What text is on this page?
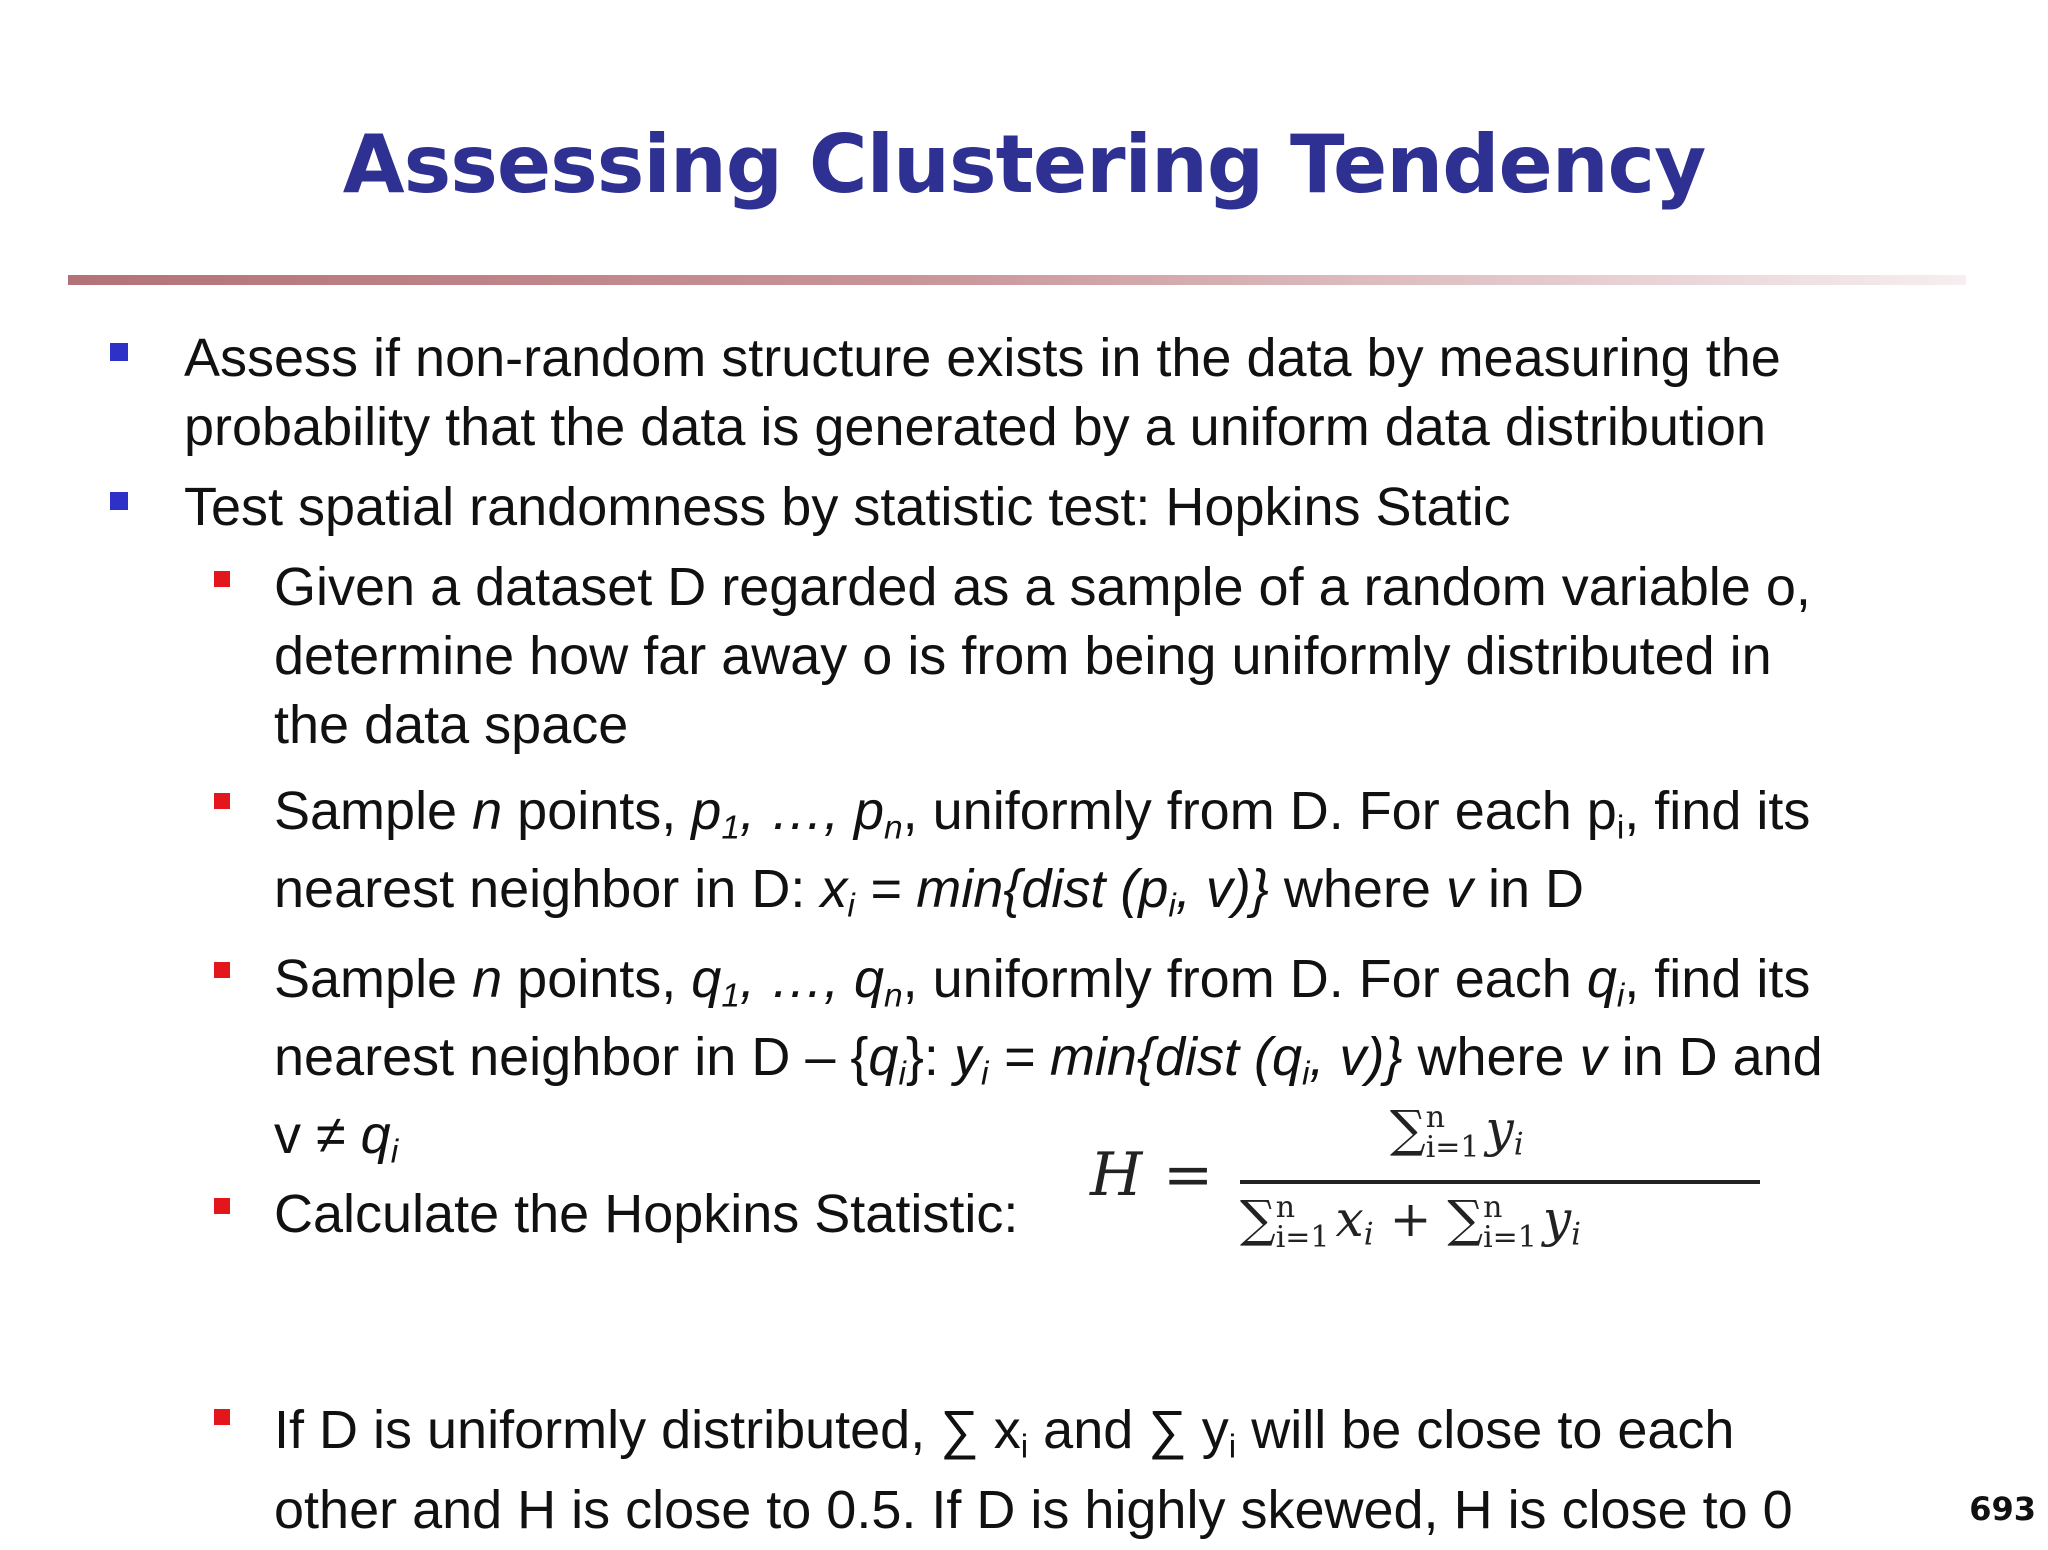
Assessing Clustering Tendency
Assess if non-random structure exists in the data by measuring the
probability that the data is generated by a uniform data distribution
Test spatial randomness by statistic test: Hopkins Static
Given a dataset D regarded as a sample of a random variable o,
determine how far away o is from being uniformly distributed in
the data space
Sample n points, $p_1$, …, $p_n$, uniformly from D. For each $p_i$, find its
nearest neighbor in D: $x_i$ = min{dist ($p_i$, v)} where v in D
Sample n points, $q_1$, …, $q_n$, uniformly from D. For each $q_i$, find its
nearest neighbor in D – $\{q_i\}$: $y_i$ = min{dist ($q_i$, v)} where v in D and
$v \ne q_i$
Calculate the Hopkins Statistic:
H =
∑ n
i=1 $y_i$
∑ n
i=1 $x_i$ + ∑ n
i=1 $y_i$
If D is uniformly distributed, ∑ $x_i$ and ∑ $y_i$ will be close to each
other and H is close to 0.5. If D is highly skewed, H is close to 0	693
